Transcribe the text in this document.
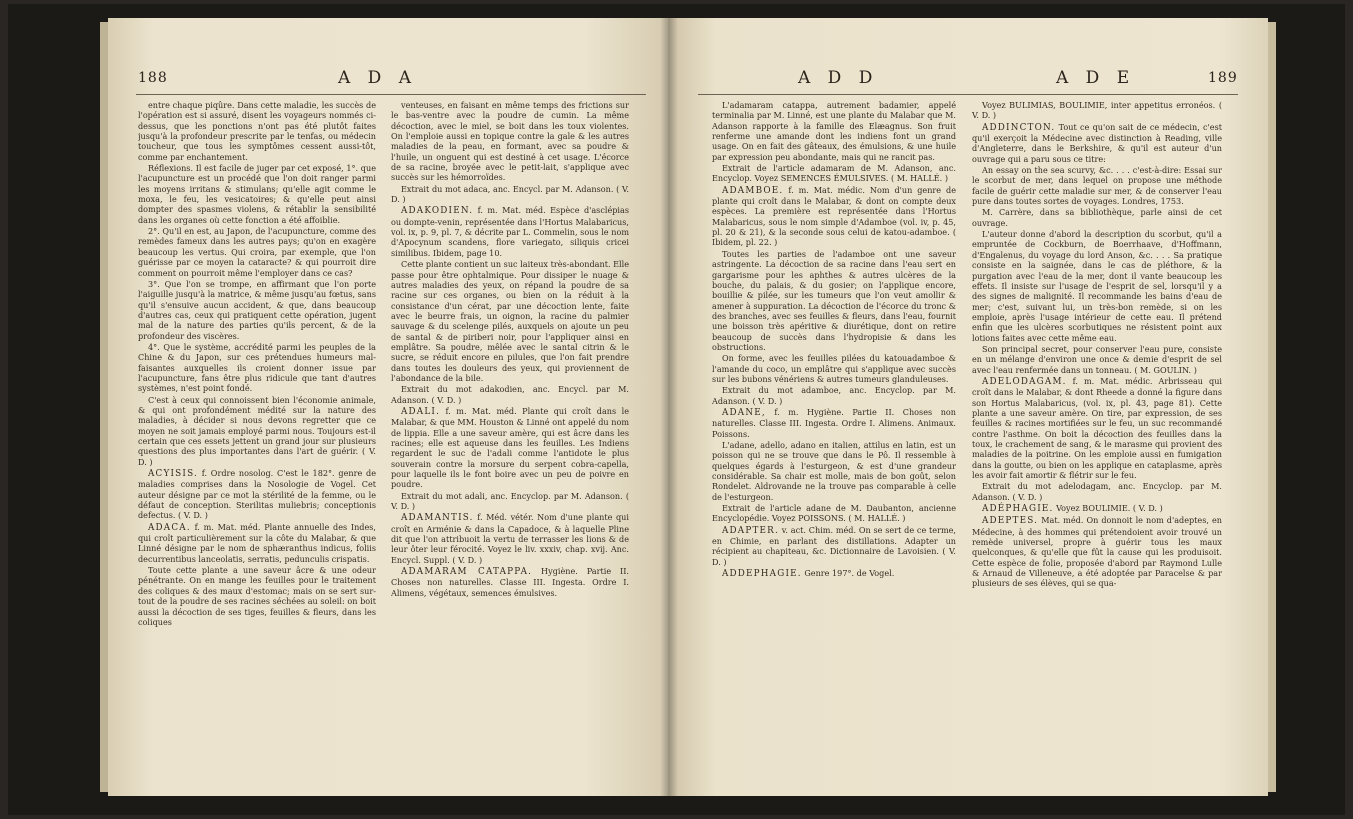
188	A D A

entre chaque piqûre. Dans cette maladie, les succès de l'opération est si assuré, disent les voyageurs nommés ci-dessus, que les ponctions n'ont pas été plutôt faites jusqu'à la profondeur prescrite par le tenfas, ou médecin toucheur, que tous les symptômes cessent aussi-tôt, comme par enchantement.

Réflexions. Il est facile de juger par cet exposé, 1°. que l'acupuncture est un procédé que l'on doit ranger parmi les moyens irritans & stimulans; qu'elle agit comme le moxa, le feu, les vesicatoires; & qu'elle peut ainsi dompter des spasmes violens, & rétablir la sensibilité dans les organes où cette fonction a été affoiblie.

2°. Qu'il en est, au Japon, de l'acupuncture, comme des remèdes fameux dans les autres pays; qu'on en exagère beaucoup les vertus. Qui croira, par exemple, que l'on guérisse par ce moyen la cataracte? & qui pourroit dire comment on pourroit même l'employer dans ce cas?

3°. Que l'on se trompe, en affirmant que l'on porte l'aiguille jusqu'à la matrice, & même jusqu'au fœtus, sans qu'il s'ensuive aucun accident, & que, dans beaucoup d'autres cas, ceux qui pratiquent cette opération, jugent mal de la nature des parties qu'ils percent, & de la profondeur des viscères.

4°. Que le système, accrédité parmi les peuples de la Chine & du Japon, sur ces prétendues humeurs mal-faisantes auxquelles ils croient donner issue par l'acupuncture, fans être plus ridicule que tant d'autres systèmes, n'est point fondé.

C'est à ceux qui connoissent bien l'économie animale, & qui ont profondément médité sur la nature des maladies, à décider si nous devons regretter que ce moyen ne soit jamais employé parmi nous. Toujours est-il certain que ces essets jettent un grand jour sur plusieurs questions des plus importantes dans l'art de guérir. ( V. D. )

ACYISIS. f. Ordre nosolog. C'est le 182°. genre de maladies comprises dans la Nosologie de Vogel. Cet auteur désigne par ce mot la stérilité de la femme, ou le défaut de conception. Sterilitas muliebris; conceptionis defectus. ( V. D. )

ADACA. f. m. Mat. méd. Plante annuelle des Indes, qui croît particulièrement sur la côte du Malabar, & que Linné désigne par le nom de sphæranthus indicus, foliis decurrentibus lanceolatis, serratis, pedunculis crispatis.

Toute cette plante a une saveur âcre & une odeur pénétrante. On en mange les feuilles pour le traitement des coliques & des maux d'estomac; mais on se sert sur-tout de la poudre de ses racines séchées au soleil: on boit aussi la décoction de ses tiges, feuilles & fleurs, dans les coliques

venteuses, en faisant en même temps des frictions sur le bas-ventre avec la poudre de cumin. La même décoction, avec le miel, se boit dans les toux violentes. On l'emploie aussi en topique contre la gale & les autres maladies de la peau, en formant, avec sa poudre & l'huile, un onguent qui est destiné à cet usage. L'écorce de sa racine, broyée avec le petit-lait, s'applique avec succès sur les hémorroïdes.

Extrait du mot adaca, anc. Encycl. par M. Adanson. ( V. D. )

ADAKODIEN. f. m. Mat. méd. Espèce d'asclépias ou dompte-venin, représentée dans l'Hortus Malabaricus, vol. ix, p. 9, pl. 7, & décrite par L. Commelin, sous le nom d'Apocynum scandens, flore variegato, siliquis cricei similibus. Ibidem, page 10.

Cette plante contient un suc laiteux très-abondant. Elle passe pour être ophtalmique. Pour dissiper le nuage & autres maladies des yeux, on répand la poudre de sa racine sur ces organes, ou bien on la réduit à la consistance d'un cérat, par une décoction lente, faite avec le beurre frais, un oignon, la racine du palmier sauvage & du scelenge pilés, auxquels on ajoute un peu de santal & de piriberi noir, pour l'appliquer ainsi en emplâtre. Sa poudre, mêlée avec le santal citrin & le sucre, se réduit encore en pilules, que l'on fait prendre dans toutes les douleurs des yeux, qui proviennent de l'abondance de la bile.

Extrait du mot adakodien, anc. Encycl. par M. Adanson. ( V. D. )

ADALI. f. m. Mat. méd. Plante qui croît dans le Malabar, & que MM. Houston & Linné ont appelé du nom de lippia. Elle a une saveur amère, qui est âcre dans les racines; elle est aqueuse dans les feuilles. Les Indiens regardent le suc de l'adali comme l'antidote le plus souverain contre la morsure du serpent cobra-capella, pour laquelle ils le font boire avec un peu de poivre en poudre.

Extrait du mot adali, anc. Encyclop. par M. Adanson. ( V. D. )

ADAMANTIS. f. Méd. vétér. Nom d'une plante qui croît en Arménie & dans la Capadoce, & à laquelle Pline dit que l'on attribuoit la vertu de terrasser les lions & de leur ôter leur férocité. Voyez le liv. xxxiv, chap. xvij. Anc. Encycl. Suppl. ( V. D. )

ADAMARAM CATAPPA. Hygiène. Partie II. Choses non naturelles. Classe III. Ingesta. Ordre I. Alimens, végétaux, semences émulsives.

A D D	A D E	189

L'adamaram catappa, autrement badamier, appelé terminalia par M. Linné, est une plante du Malabar que M. Adanson rapporte à la famille des Elæagnus. Son fruit renferme une amande dont les indiens font un grand usage. On en fait des gâteaux, des émulsions, & une huile par expression peu abondante, mais qui ne rancit pas.

Extrait de l'article adamaram de M. Adanson, anc. Encyclop. Voyez SEMENCES ÉMULSIVES. ( M. HALLÉ. )

ADAMBOE. f. m. Mat. médic. Nom d'un genre de plante qui croît dans le Malabar, & dont on compte deux espèces. La première est représentée dans l'Hortus Malabaricus, sous le nom simple d'Adamboe (vol. iv, p. 45, pl. 20 & 21), & la seconde sous celui de katou-adamboe. ( Ibidem, pl. 22. )

Toutes les parties de l'adamboe ont une saveur astringente. La décoction de sa racine dans l'eau sert en gargarisme pour les aphthes & autres ulcères de la bouche, du palais, & du gosier; on l'applique encore, bouillie & pilée, sur les tumeurs que l'on veut amollir & amener à suppuration. La décoction de l'écorce du tronc & des branches, avec ses feuilles & fleurs, dans l'eau, fournit une boisson très apéritive & diurétique, dont on retire beaucoup de succès dans l'hydropisie & dans les obstructions.

On forme, avec les feuilles pilées du katouadamboe & l'amande du coco, un emplâtre qui s'applique avec succès sur les bubons vénériens & autres tumeurs glanduleuses.

Extrait du mot adamboe, anc. Encyclop. par M. Adanson. ( V. D. )

ADANE, f. m. Hygiène. Partie II. Choses non naturelles. Classe III. Ingesta. Ordre I. Alimens. Animaux. Poissons.

L'adane, adello, adano en italien, attilus en latin, est un poisson qui ne se trouve que dans le Pô. Il ressemble à quelques égards à l'esturgeon, & est d'une grandeur considérable. Sa chair est molle, mais de bon goût, selon Rondelet. Aldrovande ne la trouve pas comparable à celle de l'esturgeon.

Extrait de l'article adane de M. Daubanton, ancienne Encyclopédie. Voyez POISSONS. ( M. HALLÉ. )

ADAPTER. v. act. Chim. méd. On se sert de ce terme, en Chimie, en parlant des distillations. Adapter un récipient au chapiteau, &c. Dictionnaire de Lavoisien. ( V. D. )

ADDEPHAGIE. Genre 197°. de Vogel.

Voyez BULIMIAS, BOULIMIE, inter appetitus erronéos. ( V. D. )

ADDINCTON. Tout ce qu'on sait de ce médecin, c'est qu'il exerçoit la Médecine avec distinction à Reading, ville d'Angleterre, dans le Berkshire, & qu'il est auteur d'un ouvrage qui a paru sous ce titre:

An essay on the sea scurvy, &c. . . . c'est-à-dire: Essai sur le scorbut de mer, dans lequel on propose une méthode facile de guérir cette maladie sur mer, & de conserver l'eau pure dans toutes sortes de voyages. Londres, 1753.

M. Carrère, dans sa bibliothèque, parle ainsi de cet ouvrage.

L'auteur donne d'abord la description du scorbut, qu'il a empruntée de Cockburn, de Boerrhaave, d'Hoffmann, d'Engalenus, du voyage du lord Anson, &c. . . . Sa pratique consiste en la saignée, dans le cas de pléthore, & la purgation avec l'eau de la mer, dont il vante beaucoup les effets. Il insiste sur l'usage de l'esprit de sel, lorsqu'il y a des signes de malignité. Il recommande les bains d'eau de mer; c'est, suivant lui, un très-bon remède, si on les emploie, après l'usage intérieur de cette eau. Il prétend enfin que les ulcères scorbutiques ne résistent point aux lotions faites avec cette même eau.

Son principal secret, pour conserver l'eau pure, consiste en un mélange d'environ une once & demie d'esprit de sel avec l'eau renfermée dans un tonneau. ( M. GOULIN. )

ADELODAGAM. f. m. Mat. médic. Arbrisseau qui croît dans le Malabar, & dont Rheede a donné la figure dans son Hortus Malabaricus, (vol. ix, pl. 43, page 81). Cette plante a une saveur amère. On tire, par expression, de ses feuilles & racines mortifiées sur le feu, un suc recommandé contre l'asthme. On boit la décoction des feuilles dans la toux, le crachement de sang, & le marasme qui provient des maladies de la poitrine. On les emploie aussi en fumigation dans la goutte, ou bien on les applique en cataplasme, après les avoir fait amortir & flétrir sur le feu.

Extrait du mot adelodagam, anc. Encyclop. par M. Adanson. ( V. D. )

ADÉPHAGIE. Voyez BOULIMIE. ( V. D. )

ADEPTES. Mat. méd. On donnoit le nom d'adeptes, en Médecine, à des hommes qui prétendoient avoir trouvé un remède universel, propre à guérir tous les maux quelconques, & qu'elle que fût la cause qui les produisoit. Cette espèce de folie, proposée d'abord par Raymond Lulle & Arnaud de Villeneuve, a été adoptée par Paracelse & par plusieurs de ses élèves, qui se qua-
